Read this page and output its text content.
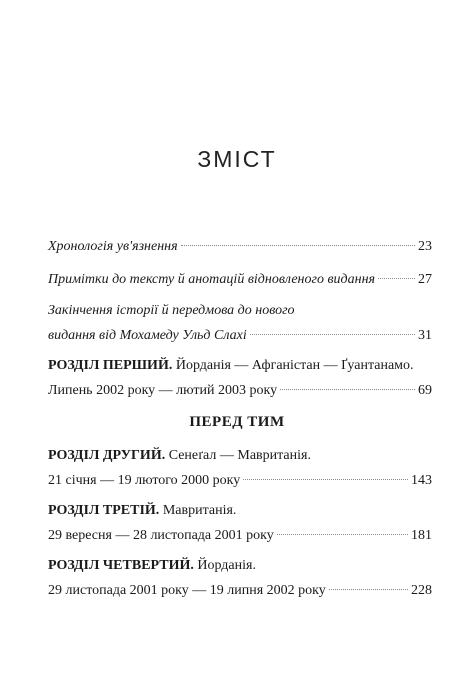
ЗМІСТ
Хронологія ув'язнення	23
Примітки до тексту й анотацій відновленого видання	27
Закінчення історії й передмова до нового
видання від Мохамеду Ульд Слахі	31
РОЗДІЛ ПЕРШИЙ. Йорданія — Афганістан — Ґуантанамо.
Липень 2002 року — лютий 2003 року	69
ПЕРЕД ТИМ
РОЗДІЛ ДРУГИЙ. Сенеґал — Мавританія.
21 січня — 19 лютого 2000 року	143
РОЗДІЛ ТРЕТІЙ. Мавританія.
29 вересня — 28 листопада 2001 року	181
РОЗДІЛ ЧЕТВЕРТИЙ. Йорданія.
29 листопада 2001 року — 19 липня 2002 року	228
